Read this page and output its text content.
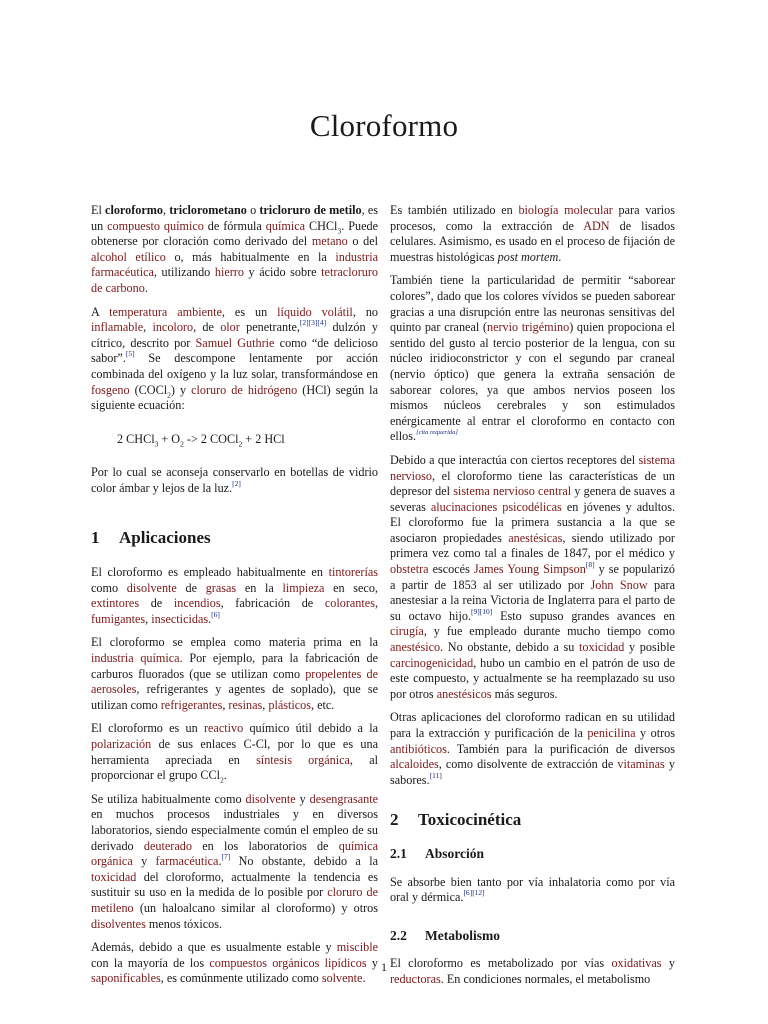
Cloroformo

El cloroformo, triclorometano o tricloruro de metilo, es un compuesto químico de fórmula química CHCl$_3$. Puede obtenerse por cloración como derivado del metano o del alcohol etílico o, más habitualmente en la industria farmacéutica, utilizando hierro y ácido sobre tetracloruro de carbono.

A temperatura ambiente, es un líquido volátil, no inflamable, incoloro, de olor penetrante,[2][3][4] dulzón y cítrico, descrito por Samuel Guthrie como “de delicioso sabor”.[5] Se descompone lentamente por acción combinada del oxígeno y la luz solar, transformándose en fosgeno (COCl$_2$) y cloruro de hidrógeno (HCl) según la siguiente ecuación:

2 CHCl$_3$ + $O_2 -> 2$ COCl$_2$ + 2 HCl

Por lo cual se aconseja conservarlo en botellas de vidrio color ámbar y lejos de la luz.[2]

1 Aplicaciones

El cloroformo es empleado habitualmente en tintorerías como disolvente de grasas en la limpieza en seco, extintores de incendios, fabricación de colorantes, fumigantes, insecticidas.[6]

El cloroformo se emplea como materia prima en la industria química. Por ejemplo, para la fabricación de carburos fluorados (que se utilizan como propelentes de aerosoles, refrigerantes y agentes de soplado), que se utilizan como refrigerantes, resinas, plásticos, etc.

El cloroformo es un reactivo químico útil debido a la polarización de sus enlaces C-Cl, por lo que es una herramienta apreciada en síntesis orgánica, al proporcionar el grupo CCl$_2$.

Se utiliza habitualmente como disolvente y desengrasante en muchos procesos industriales y en diversos laboratorios, siendo especialmente común el empleo de su derivado deuterado en los laboratorios de química orgánica y farmacéutica.[7] No obstante, debido a la toxicidad del cloroformo, actualmente la tendencia es sustituir su uso en la medida de lo posible por cloruro de metileno (un haloalcano similar al cloroformo) y otros disolventes menos tóxicos.

Además, debido a que es usualmente estable y miscible con la mayoría de los compuestos orgánicos lipídicos y saponificables, es comúnmente utilizado como solvente.

Es también utilizado en biología molecular para varios procesos, como la extracción de ADN de lisados celulares. Asimismo, es usado en el proceso de fijación de muestras histológicas post mortem.

También tiene la particularidad de permitir “saborear colores”, dado que los colores vívidos se pueden saborear gracias a una disrupción entre las neuronas sensitivas del quinto par craneal (nervio trigémino) quien propociona el sentido del gusto al tercio posterior de la lengua, con su núcleo iridioconstrictor y con el segundo par craneal (nervio óptico) que genera la extraña sensación de saborear colores, ya que ambos nervios poseen los mismos núcleos cerebrales y son estimulados enérgicamente al entrar el cloroformo en contacto con ellos.[cita requerida]

Debido a que interactúa con ciertos receptores del sistema nervioso, el cloroformo tiene las características de un depresor del sistema nervioso central y genera de suaves a severas alucinaciones psicodélicas en jóvenes y adultos. El cloroformo fue la primera sustancia a la que se asociaron propiedades anestésicas, siendo utilizado por primera vez como tal a finales de 1847, por el médico y obstetra escocés James Young Simpson[8] y se popularizó a partir de 1853 al ser utilizado por John Snow para anestesiar a la reina Victoria de Inglaterra para el parto de su octavo hijo.[9][10] Esto supuso grandes avances en cirugía, y fue empleado durante mucho tiempo como anestésico. No obstante, debido a su toxicidad y posible carcinogenicidad, hubo un cambio en el patrón de uso de este compuesto, y actualmente se ha reemplazado su uso por otros anestésicos más seguros.

Otras aplicaciones del cloroformo radican en su utilidad para la extracción y purificación de la penicilina y otros antibióticos. También para la purificación de diversos alcaloides, como disolvente de extracción de vitaminas y sabores.[11]

2 Toxicocinética
2.1 Absorción

Se absorbe bien tanto por vía inhalatoria como por vía oral y dérmica.[6][12]

2.2 Metabolismo

El cloroformo es metabolizado por vías oxidativas y reductoras. En condiciones normales, el metabolismo

1
